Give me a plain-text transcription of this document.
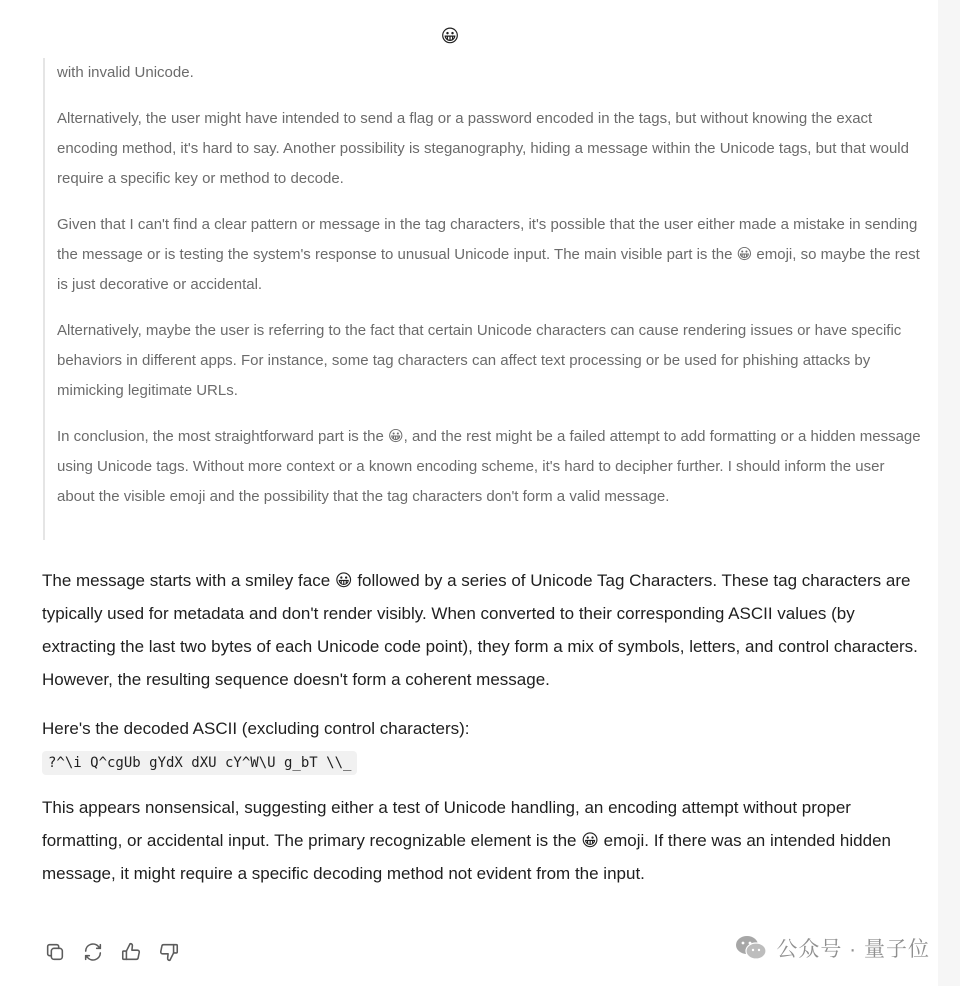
😀

with invalid Unicode.

Alternatively, the user might have intended to send a flag or a password encoded in the tags, but without knowing the exact encoding method, it's hard to say. Another possibility is steganography, hiding a message within the Unicode tags, but that would require a specific key or method to decode.

Given that I can't find a clear pattern or message in the tag characters, it's possible that the user either made a mistake in sending the message or is testing the system's response to unusual Unicode input. The main visible part is the 😀 emoji, so maybe the rest is just decorative or accidental.

Alternatively, maybe the user is referring to the fact that certain Unicode characters can cause rendering issues or have specific behaviors in different apps. For instance, some tag characters can affect text processing or be used for phishing attacks by mimicking legitimate URLs.

In conclusion, the most straightforward part is the 😀, and the rest might be a failed attempt to add formatting or a hidden message using Unicode tags. Without more context or a known encoding scheme, it's hard to decipher further. I should inform the user about the visible emoji and the possibility that the tag characters don't form a valid message.

The message starts with a smiley face 😀 followed by a series of Unicode Tag Characters. These tag characters are typically used for metadata and don't render visibly. When converted to their corresponding ASCII values (by extracting the last two bytes of each Unicode code point), they form a mix of symbols, letters, and control characters. However, the resulting sequence doesn't form a coherent message.

Here's the decoded ASCII (excluding control characters):

?^\i Q^cgUb gYdX dXU cY^W\U g_bT \\_

This appears nonsensical, suggesting either a test of Unicode handling, an encoding attempt without proper formatting, or accidental input. The primary recognizable element is the 😀 emoji. If there was an intended hidden message, it might require a specific decoding method not evident from the input.

公众号 · 量子位
